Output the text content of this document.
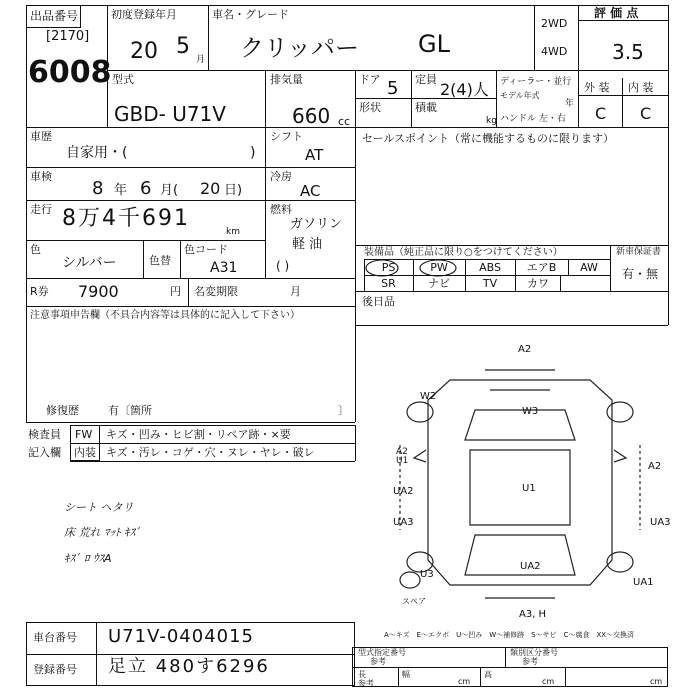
出品番号
[2170]
6008
初度登録年月
20 5
月
車名・グレード
クリッパー GL
2WD
4WD
評 価 点
3.5
型式
GBD- U71V
排気量
660 cc
ドア 5 定員
2(4)人
形状	積載
kg
ディーラー・並行
モデル年式
年
ハンドル 左・右
外 装 内 装
C C
車歴
自家用・(	)
シフト
AT
車検
8 年 6 月( 20 日)
冷房
AC
走行 8万4千691
km
燃料
ガソリン
軽 油
( )
色
シルバー	色替
色コード
A31
R券 7900	円 名変期限	月
注意事項申告欄（不具合内容等は具体的に記入して下さい）
修復歴	有〔箇所	〕
検査員
記入欄
FW キズ・凹み・ヒビ割・リペア跡・×要
内装 キズ・汚レ・コゲ・穴・ヌレ・ヤレ・破レ
シート ヘタリ
床 荒れ ﾏｯﾄ ｷｽﾞ
ｷｽﾞ ﾛ ｳｽA
セールスポイント（常に機能するものに限ります）
装備品（純正品に限り○をつけてください）	新車保証書
有・無
PS	PW	ABS	エアB	AW
SR	ナビ	TV	カワ
後日品
A2
W2
W3
A2 U1
U1
A2
UA2
UA3	UA3
U3
UA2
UA1
スペア
A3, H
A～キズ　E～エクボ　U～凹み　W～補修跡　S～サビ　C～腐食　XX～交換済
車台番号 U71V-0404015
登録番号 足立 480す6296
型式指定番号
参考
類別区分番号
参考
長
参考
幅
cm
高
cm	cm
